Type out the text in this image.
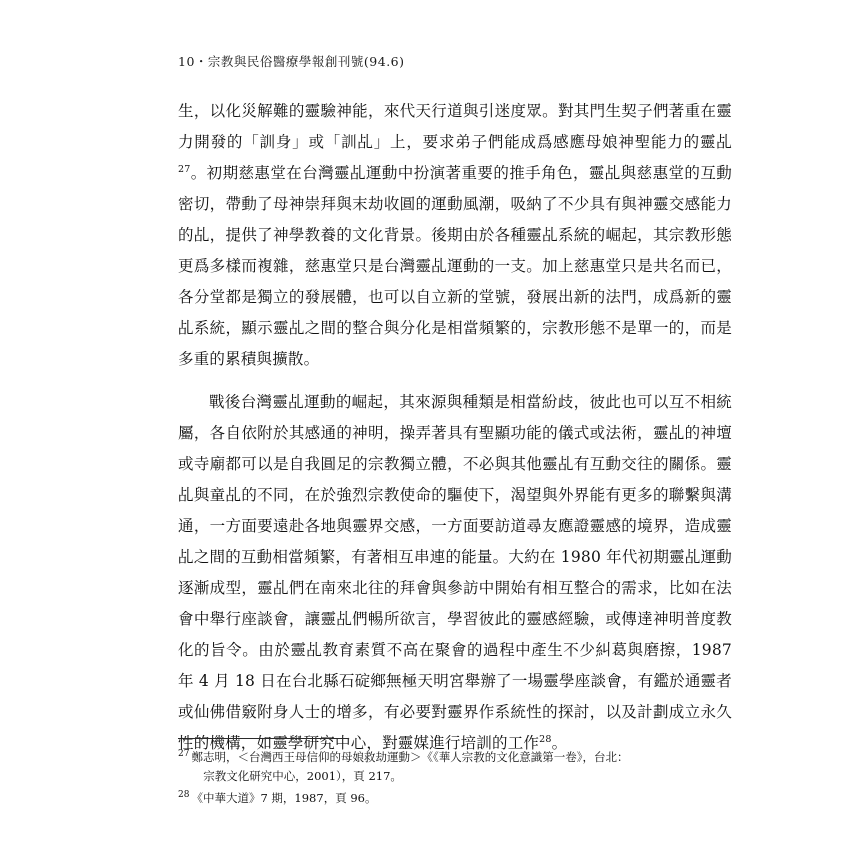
10・宗教與民俗醫療學報創刊號(94.6)

生，以化災解難的靈驗神能，來代天行道與引迷度眾。對其門生契子們著重在靈力開發的「訓身」或「訓乩」上，要求弟子們能成爲感應母娘神聖能力的靈乩$^{27}$。初期慈惠堂在台灣靈乩運動中扮演著重要的推手角色，靈乩與慈惠堂的互動密切，帶動了母神崇拜與末劫收圓的運動風潮，吸納了不少具有與神靈交感能力的乩，提供了神學教養的文化背景。後期由於各種靈乩系統的崛起，其宗教形態更爲多樣而複雜，慈惠堂只是台灣靈乩運動的一支。加上慈惠堂只是共名而已，各分堂都是獨立的發展體，也可以自立新的堂號，發展出新的法門，成爲新的靈乩系統，顯示靈乩之間的整合與分化是相當頻繁的，宗教形態不是單一的，而是多重的累積與擴散。

戰後台灣靈乩運動的崛起，其來源與種類是相當紛歧，彼此也可以互不相統屬，各自依附於其感通的神明，操弄著具有聖顯功能的儀式或法術，靈乩的神壇或寺廟都可以是自我圓足的宗教獨立體，不必與其他靈乩有互動交往的關係。靈乩與童乩的不同，在於強烈宗教使命的驅使下，渴望與外界能有更多的聯繫與溝通，一方面要遠赴各地與靈界交感，一方面要訪道尋友應證靈感的境界，造成靈乩之間的互動相當頻繁，有著相互串連的能量。大約在 1980 年代初期靈乩運動逐漸成型，靈乩們在南來北往的拜會與參訪中開始有相互整合的需求，比如在法會中舉行座談會，讓靈乩們暢所欲言，學習彼此的靈感經驗，或傳達神明普度教化的旨令。由於靈乩教育素質不高在聚會的過程中產生不少糾葛與磨擦，1987 年 4 月 18 日在台北縣石碇鄉無極天明宮舉辦了一場靈學座談會，有鑑於通靈者或仙佛借竅附身人士的增多，有必要對靈界作系統性的探討，以及計劃成立永久性的機構，如靈學研究中心，對靈媒進行培訓的工作$^{28}$。

$^{27}$ 鄭志明，＜台灣西王母信仰的母娘救劫運動＞《《華人宗教的文化意識第一卷》，台北：
宗教文化研究中心，2001），頁 217。

$^{28}$ 《中華大道》7 期，1987，頁 96。
